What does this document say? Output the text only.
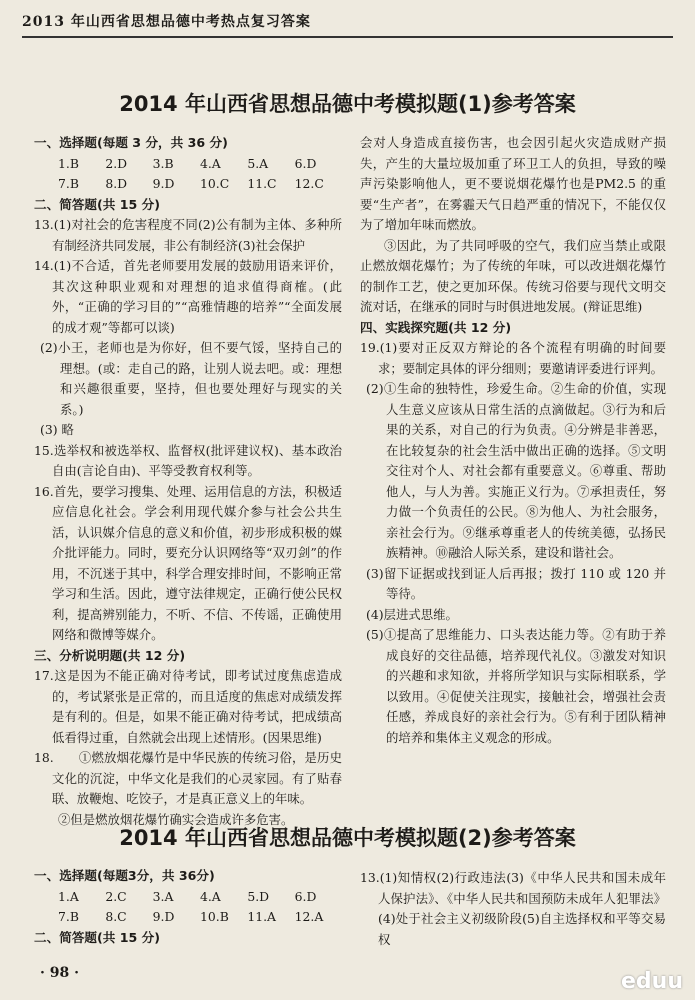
2013 年山西省思想品德中考热点复习答案
2014 年山西省思想品德中考模拟题(1)参考答案

一、选择题(每题 3 分，共 36 分)

1.B	2.D	3.B	4.A	5.A	6.D
7.B	8.D	9.D	10.C	11.C	12.C

二、简答题(共 15 分)

13.(1)对社会的危害程度不同(2)公有制为主体、多种所有制经济共同发展，非公有制经济(3)社会保护

14.(1)不合适，首先老师要用发展的鼓励用语来评价，其次这种职业观和对理想的追求值得商榷。(此外，“正确的学习目的”“高雅情趣的培养”“全面发展的成才观”等都可以谈)

(2)小王，老师也是为你好，但不要气馁，坚持自己的理想。(或：走自己的路，让别人说去吧。或：理想和兴趣很重要，坚持，但也要处理好与现实的关系。)

(3) 略

15.选举权和被选举权、监督权(批评建议权)、基本政治自由(言论自由)、平等受教育权利等。

16.首先，要学习搜集、处理、运用信息的方法，积极适应信息化社会。学会利用现代媒介参与社会公共生活，认识媒介信息的意义和价值，初步形成积极的媒介批评能力。同时，要充分认识网络等“双刃剑”的作用，不沉迷于其中，科学合理安排时间，不影响正常学习和生活。因此，遵守法律规定，正确行使公民权利，提高辨别能力，不听、不信、不传谣，正确使用网络和微博等媒介。

三、分析说明题(共 12 分)

17.这是因为不能正确对待考试，即考试过度焦虑造成的，考试紧张是正常的，而且适度的焦虑对成绩发挥是有利的。但是，如果不能正确对待考试，把成绩高低看得过重，自然就会出现上述情形。(因果思维)

18.　　①燃放烟花爆竹是中华民族的传统习俗，是历史文化的沉淀，中华文化是我们的心灵家园。有了贴春联、放鞭炮、吃饺子，才是真正意义上的年味。

②但是燃放烟花爆竹确实会造成许多危害。

会对人身造成直接伤害，也会因引起火灾造成财产损失，产生的大量垃圾加重了环卫工人的负担，导致的噪声污染影响他人，更不要说烟花爆竹也是PM2.5 的重要“生产者”，在雾霾天气日趋严重的情况下，不能仅仅为了增加年味而燃放。

③因此，为了共同呼吸的空气，我们应当禁止或限止燃放烟花爆竹；为了传统的年味，可以改进烟花爆竹的制作工艺，使之更加环保。传统习俗要与现代文明交流对话，在继承的同时与时俱进地发展。(辩证思维)

四、实践探究题(共 12 分)

19.(1)要对正反双方辩论的各个流程有明确的时间要求；要制定具体的评分细则；要邀请评委进行评判。

(2)①生命的独特性，珍爱生命。②生命的价值，实现人生意义应该从日常生活的点滴做起。③行为和后果的关系，对自己的行为负责。④分辨是非善恶，在比较复杂的社会生活中做出正确的选择。⑤文明交往对个人、对社会都有重要意义。⑥尊重、帮助他人，与人为善。实施正义行为。⑦承担责任，努力做一个负责任的公民。⑧为他人、为社会服务，亲社会行为。⑨继承尊重老人的传统美德，弘扬民族精神。⑩融洽人际关系，建设和谐社会。

(3)留下证据或找到证人后再报；拨打 110 或 120 并等待。

(4)层进式思维。

(5)①提高了思维能力、口头表达能力等。②有助于养成良好的交往品德，培养现代礼仪。③激发对知识的兴趣和求知欲，并将所学知识与实际相联系，学以致用。④促使关注现实，接触社会，增强社会责任感，养成良好的亲社会行为。⑤有利于团队精神的培养和集体主义观念的形成。

2014 年山西省思想品德中考模拟题(2)参考答案

一、选择题(每题3分，共 36分)

1.A	2.C	3.A	4.A	5.D	6.D
7.B	8.C	9.D	10.B	11.A	12.A

二、简答题(共 15 分)

13.(1)知情权(2)行政违法(3)《中华人民共和国未成年人保护法》、《中华人民共和国预防未成年人犯罪法》(4)处于社会主义初级阶段(5)自主选择权和平等交易权

· 98 ·	eduu
